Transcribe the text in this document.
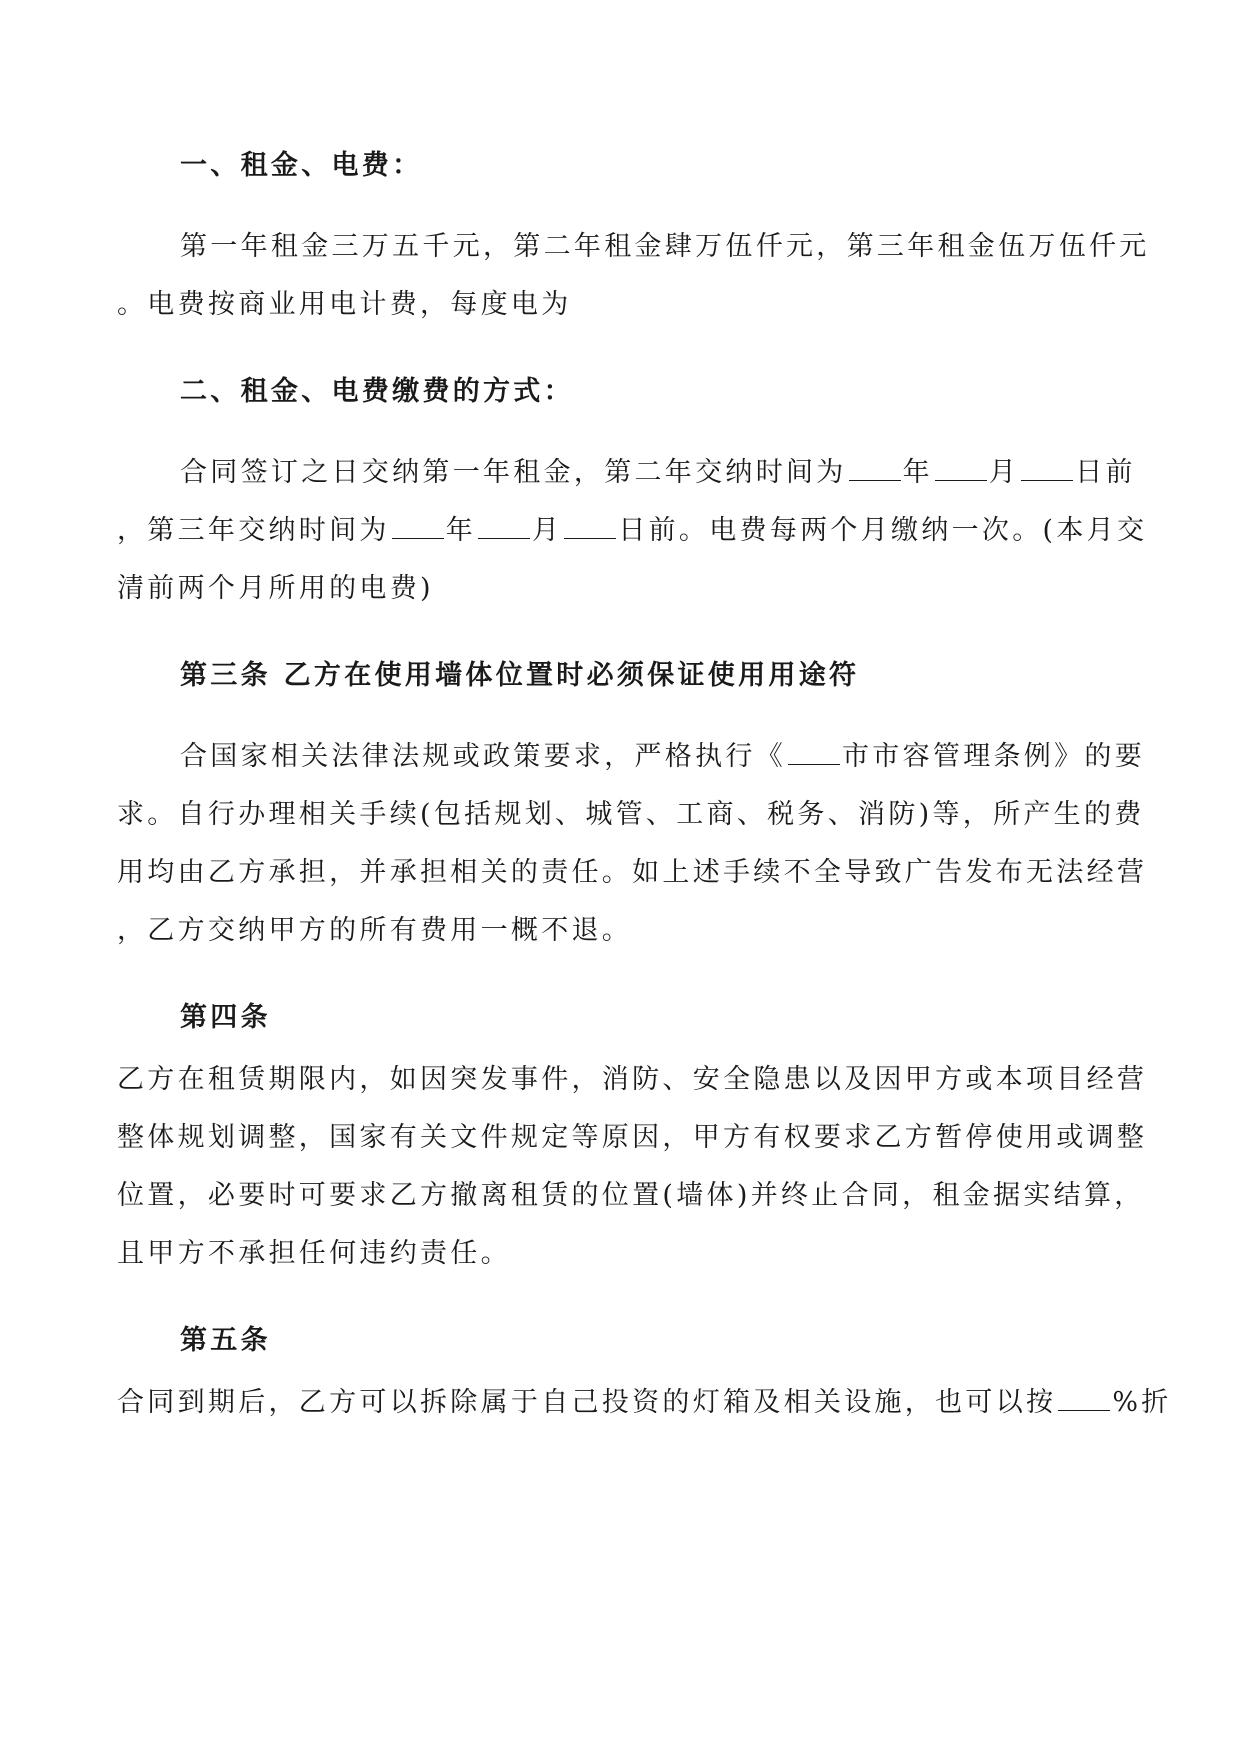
一、租金、电费：
第一年租金三万五千元，第二年租金肆万伍仟元，第三年租金伍万伍仟元
。电费按商业用电计费，每度电为
二、租金、电费缴费的方式：
合同签订之日交纳第一年租金，第二年交纳时间为 年 月 日前
，第三年交纳时间为 年 月 日前。电费每两个月缴纳一次。(本月交
清前两个月所用的电费)
第三条 乙方在使用墙体位置时必须保证使用用途符
合国家相关法律法规或政策要求，严格执行《 市市容管理条例》的要
求。自行办理相关手续(包括规划、城管、工商、税务、消防)等，所产生的费
用均由乙方承担，并承担相关的责任。如上述手续不全导致广告发布无法经营
，乙方交纳甲方的所有费用一概不退。
第四条
乙方在租赁期限内，如因突发事件，消防、安全隐患以及因甲方或本项目经营
整体规划调整，国家有关文件规定等原因，甲方有权要求乙方暂停使用或调整
位置，必要时可要求乙方撤离租赁的位置(墙体)并终止合同，租金据实结算，
且甲方不承担任何违约责任。
第五条
合同到期后，乙方可以拆除属于自己投资的灯箱及相关设施，也可以按 %折
